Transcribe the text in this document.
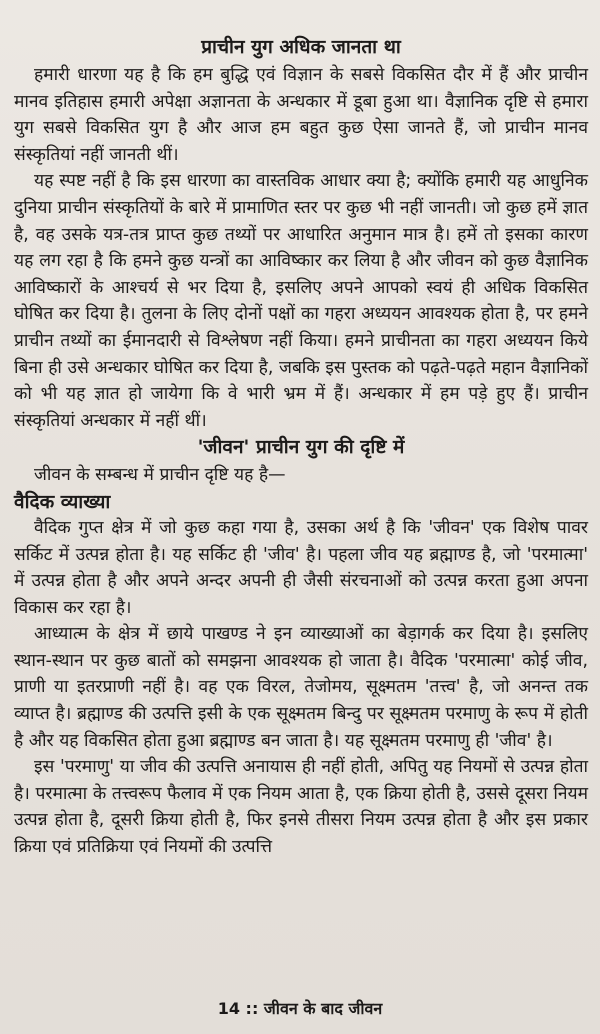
प्राचीन युग अधिक जानता था

हमारी धारणा यह है कि हम बुद्धि एवं विज्ञान के सबसे विकसित दौर में हैं और प्राचीन मानव इतिहास हमारी अपेक्षा अज्ञानता के अन्धकार में डूबा हुआ था। वैज्ञानिक दृष्टि से हमारा युग सबसे विकसित युग है और आज हम बहुत कुछ ऐसा जानते हैं, जो प्राचीन मानव संस्कृतियां नहीं जानती थीं।

यह स्पष्ट नहीं है कि इस धारणा का वास्तविक आधार क्या है; क्योंकि हमारी यह आधुनिक दुनिया प्राचीन संस्कृतियों के बारे में प्रामाणित स्तर पर कुछ भी नहीं जानती। जो कुछ हमें ज्ञात है, वह उसके यत्र-तत्र प्राप्त कुछ तथ्यों पर आधारित अनुमान मात्र है। हमें तो इसका कारण यह लग रहा है कि हमने कुछ यन्त्रों का आविष्कार कर लिया है और जीवन को कुछ वैज्ञानिक आविष्कारों के आश्चर्य से भर दिया है, इसलिए अपने आपको स्वयं ही अधिक विकसित घोषित कर दिया है। तुलना के लिए दोनों पक्षों का गहरा अध्ययन आवश्यक होता है, पर हमने प्राचीन तथ्यों का ईमानदारी से विश्लेषण नहीं किया। हमने प्राचीनता का गहरा अध्ययन किये बिना ही उसे अन्धकार घोषित कर दिया है, जबकि इस पुस्तक को पढ़ते-पढ़ते महान वैज्ञानिकों को भी यह ज्ञात हो जायेगा कि वे भारी भ्रम में हैं। अन्धकार में हम पड़े हुए हैं। प्राचीन संस्कृतियां अन्धकार में नहीं थीं।

'जीवन' प्राचीन युग की दृष्टि में

जीवन के सम्बन्ध में प्राचीन दृष्टि यह है—

वैदिक व्याख्या

वैदिक गुप्त क्षेत्र में जो कुछ कहा गया है, उसका अर्थ है कि 'जीवन' एक विशेष पावर सर्किट में उत्पन्न होता है। यह सर्किट ही 'जीव' है। पहला जीव यह ब्रह्माण्ड है, जो 'परमात्मा' में उत्पन्न होता है और अपने अन्दर अपनी ही जैसी संरचनाओं को उत्पन्न करता हुआ अपना विकास कर रहा है।

आध्यात्म के क्षेत्र में छाये पाखण्ड ने इन व्याख्याओं का बेड़ागर्क कर दिया है। इसलिए स्थान-स्थान पर कुछ बातों को समझना आवश्यक हो जाता है। वैदिक 'परमात्मा' कोई जीव, प्राणी या इतरप्राणी नहीं है। वह एक विरल, तेजोमय, सूक्ष्मतम 'तत्त्व' है, जो अनन्त तक व्याप्त है। ब्रह्माण्ड की उत्पत्ति इसी के एक सूक्ष्मतम बिन्दु पर सूक्ष्मतम परमाणु के रूप में होती है और यह विकसित होता हुआ ब्रह्माण्ड बन जाता है। यह सूक्ष्मतम परमाणु ही 'जीव' है।

इस 'परमाणु' या जीव की उत्पत्ति अनायास ही नहीं होती, अपितु यह नियमों से उत्पन्न होता है। परमात्मा के तत्त्वरूप फैलाव में एक नियम आता है, एक क्रिया होती है, उससे दूसरा नियम उत्पन्न होता है, दूसरी क्रिया होती है, फिर इनसे तीसरा नियम उत्पन्न होता है और इस प्रकार क्रिया एवं प्रतिक्रिया एवं नियमों की उत्पत्ति

14 :: जीवन के बाद जीवन
